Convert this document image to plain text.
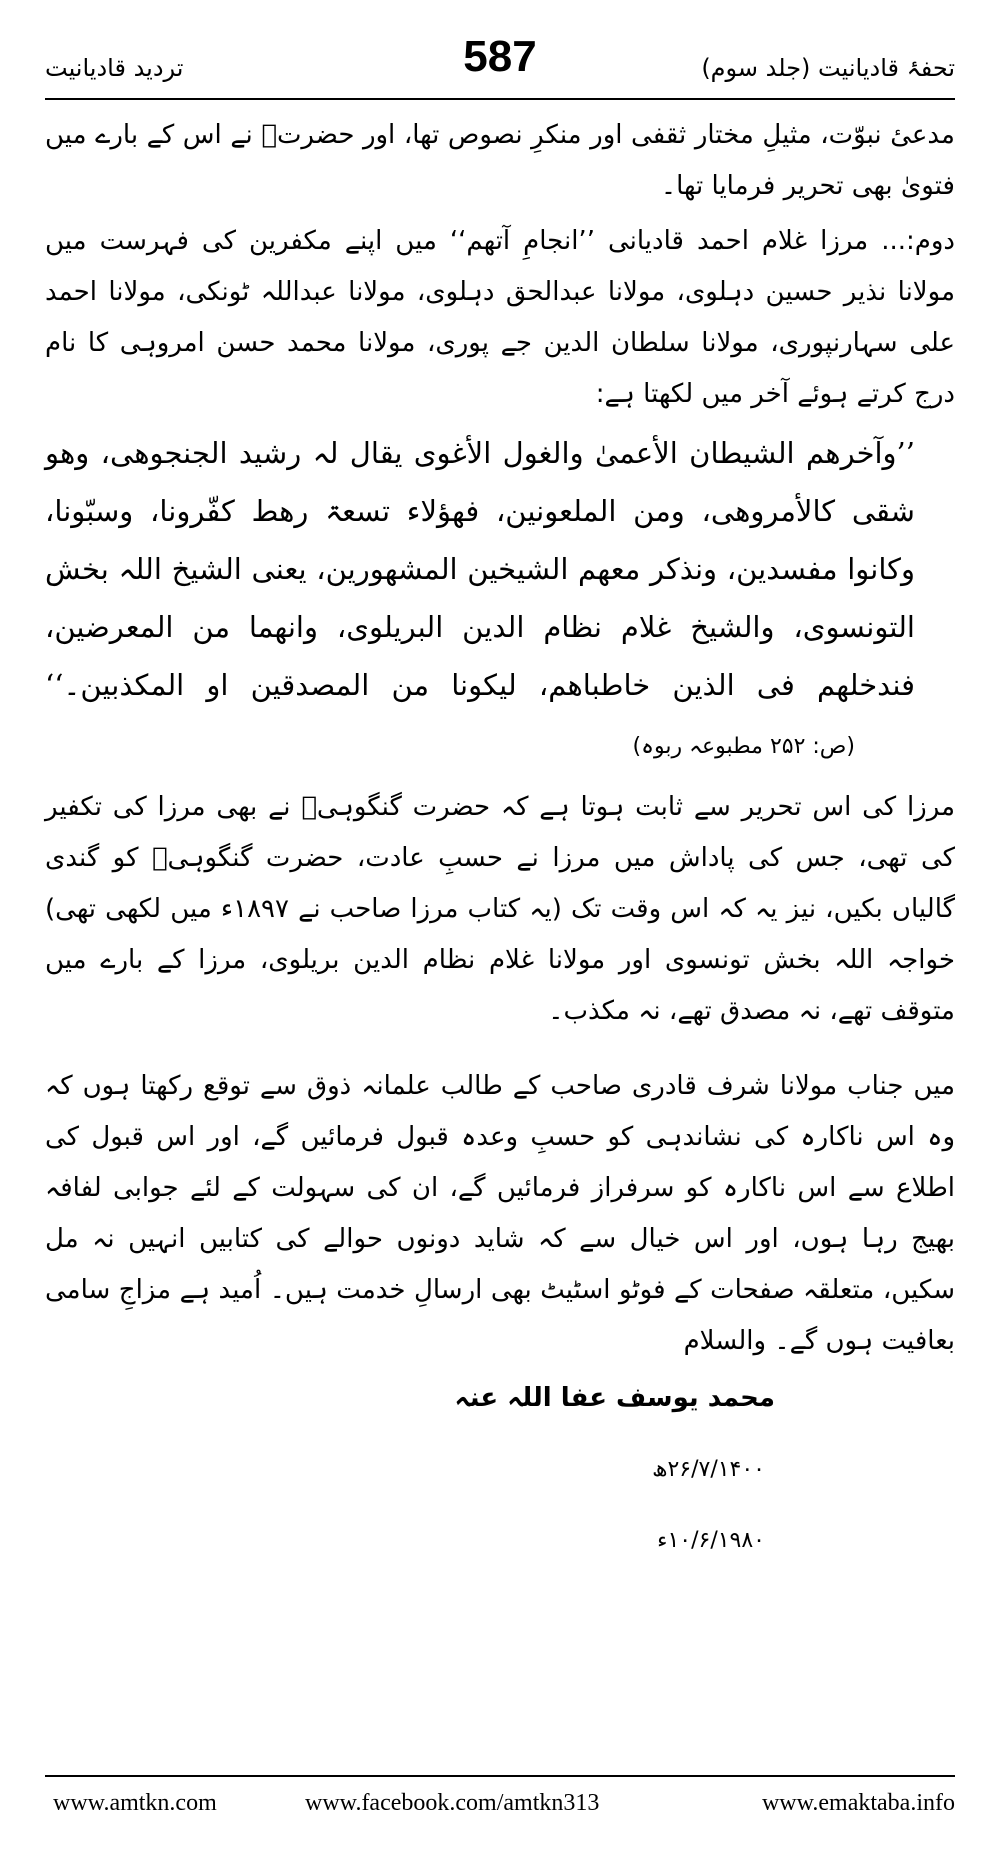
تحفۂ قادیانیت (جلد سوم)
587
تردید قادیانیت

مدعیٔ نبوّت، مثیلِ مختار ثقفی اور منکرِ نصوص تھا، اور حضرتؒ نے اس کے بارے میں فتویٰ بھی تحریر فرمایا تھا۔

دوم:... مرزا غلام احمد قادیانی ’’انجامِ آتھم‘‘ میں اپنے مکفرین کی فہرست میں مولانا نذیر حسین دہلوی، مولانا عبدالحق دہلوی، مولانا عبداللہ ٹونکی، مولانا احمد علی سہارنپوری، مولانا سلطان الدین جے پوری، مولانا محمد حسن امروہی کا نام درج کرتے ہوئے آخر میں لکھتا ہے:

’’وآخرھم الشیطان الأعمیٰ والغول الأغوی یقال لہ رشید الجنجوھی، وھو شقی کالأمروھی، ومن الملعونین، فھؤلاء تسعۃ رھط کفّرونا، وسبّونا، وکانوا مفسدین، ونذکر معھم الشیخین المشھورین، یعنی الشیخ اللہ بخش التونسوی، والشیخ غلام نظام الدین البریلوی، وانھما من المعرضین، فندخلھم فی الذین خاطباھم، لیکونا من المصدقین او المکذبین۔‘‘(ص: ۲۵۲ مطبوعہ ربوہ)

مرزا کی اس تحریر سے ثابت ہوتا ہے کہ حضرت گنگوہیؒ نے بھی مرزا کی تکفیر کی تھی، جس کی پاداش میں مرزا نے حسبِ عادت، حضرت گنگوہیؒ کو گندی گالیاں بکیں، نیز یہ کہ اس وقت تک (یہ کتاب مرزا صاحب نے ۱۸۹۷ء میں لکھی تھی) خواجہ اللہ بخش تونسوی اور مولانا غلام نظام الدین بریلوی، مرزا کے بارے میں متوقف تھے، نہ مصدق تھے، نہ مکذب۔

میں جناب مولانا شرف قادری صاحب کے طالب علمانہ ذوق سے توقع رکھتا ہوں کہ وہ اس ناکارہ کی نشاندہی کو حسبِ وعدہ قبول فرمائیں گے، اور اس قبول کی اطلاع سے اس ناکارہ کو سرفراز فرمائیں گے، ان کی سہولت کے لئے جوابی لفافہ بھیج رہا ہوں، اور اس خیال سے کہ شاید دونوں حوالے کی کتابیں انہیں نہ مل سکیں، متعلقہ صفحات کے فوٹو اسٹیٹ بھی ارسالِ خدمت ہیں۔ اُمید ہے مزاجِ سامی بعافیت ہوں گے۔ والسلام

محمد یوسف عفا اللہ عنہ

۲۶/۷/۱۴۰۰ھ

۱۰/۶/۱۹۸۰ء

www.amtkn.com	www.facebook.com/amtkn313	www.emaktaba.info
